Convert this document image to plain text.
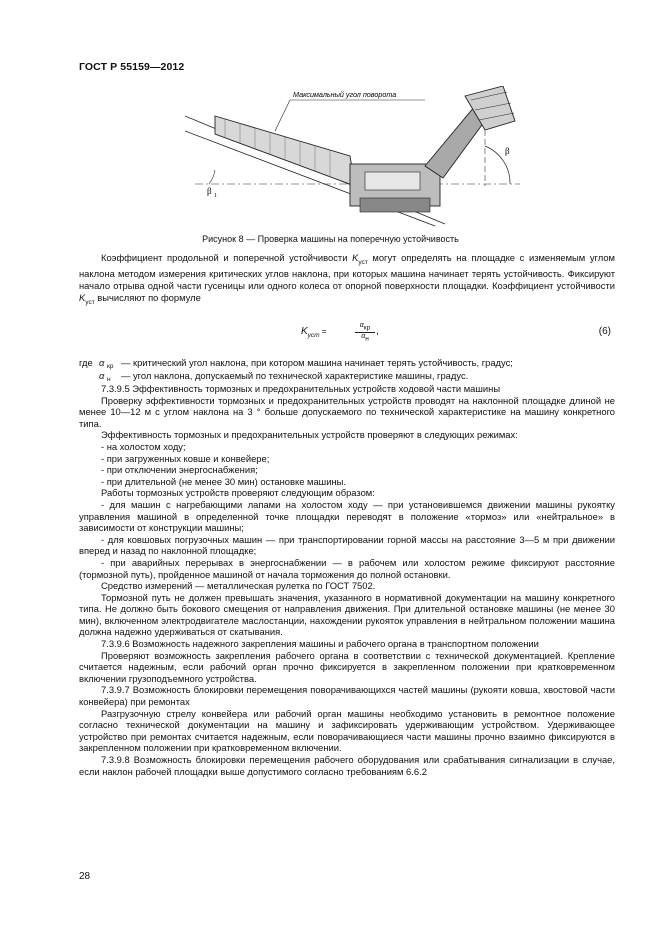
ГОСТ Р 55159—2012
Максимальный угол поворота
β
β 1
Рисунок 8 — Проверка машины на поперечную устойчивость

Коэффициент продольной и поперечной устойчивости $K_{уст}$ могут определять на площадке с изменяемым углом наклона методом измерения критических углов наклона, при которых машина начинает терять устойчивость. Фиксируют начало отрыва одной части гусеницы или одного колеса от опорной поверхности площадки. Коэффициент устойчивости $K_{уст}$ вычисляют по формуле

$K_{уст}$ =
$\alpha_{кр}$
$\alpha_н$
,	(6)
где α кр — критический угол наклона, при котором машина начинает терять устойчивость, градус;
α н — угол наклона, допускаемый по технической характеристике машины, градус.

7.3.9.5 Эффективность тормозных и предохранительных устройств ходовой части машины

Проверку эффективности тормозных и предохранительных устройств проводят на наклонной площадке длиной не менее 10—12 м с углом наклона на 3 ° больше допускаемого по технической характеристике на машину конкретного типа.

Эффективность тормозных и предохранительных устройств проверяют в следующих режимах:

- на холостом ходу;

- при загруженных ковше и конвейере;

- при отключении энергоснабжения;

- при длительной (не менее 30 мин) остановке машины.

Работы тормозных устройств проверяют следующим образом:

- для машин с нагребающими лапами на холостом ходу — при установившемся движении машины рукоятку управления машиной в определенной точке площадки переводят в положение «тормоз» или «нейтральное» в зависимости от конструкции машины;

- для ковшовых погрузочных машин — при транспортировании горной массы на расстояние 3—5 м при движении вперед и назад по наклонной площадке;

- при аварийных перерывах в энергоснабжении — в рабочем или холостом режиме фиксируют расстояние (тормозной путь), пройденное машиной от начала торможения до полной остановки.

Средство измерений — металлическая рулетка по ГОСТ 7502.

Тормозной путь не должен превышать значения, указанного в нормативной документации на машину конкретного типа. Не должно быть бокового смещения от направления движения. При длительной остановке машины (не менее 30 мин), включенном электродвигателе маслостанции, нахождении рукояток управления в нейтральном положении машина должна надежно удерживаться от скатывания.

7.3.9.6 Возможность надежного закрепления машины и рабочего органа в транспортном положении

Проверяют возможность закрепления рабочего органа в соответствии с технической документацией. Крепление считается надежным, если рабочий орган прочно фиксируется в закрепленном положении при кратковременном включении грузоподъемного устройства.

7.3.9.7 Возможность блокировки перемещения поворачивающихся частей машины (рукояти ковша, хвостовой части конвейера) при ремонтах

Разгрузочную стрелу конвейера или рабочий орган машины необходимо установить в ремонтное положение согласно технической документации на машину и зафиксировать удерживающим устройством. Удерживающее устройство при ремонтах считается надежным, если поворачивающиеся части машины прочно взаимно фиксируются в закрепленном положении при кратковременном включении.

7.3.9.8 Возможность блокировки перемещения рабочего оборудования или срабатывания сигнализации в случае, если наклон рабочей площадки выше допустимого согласно требованиям 6.6.2

28
